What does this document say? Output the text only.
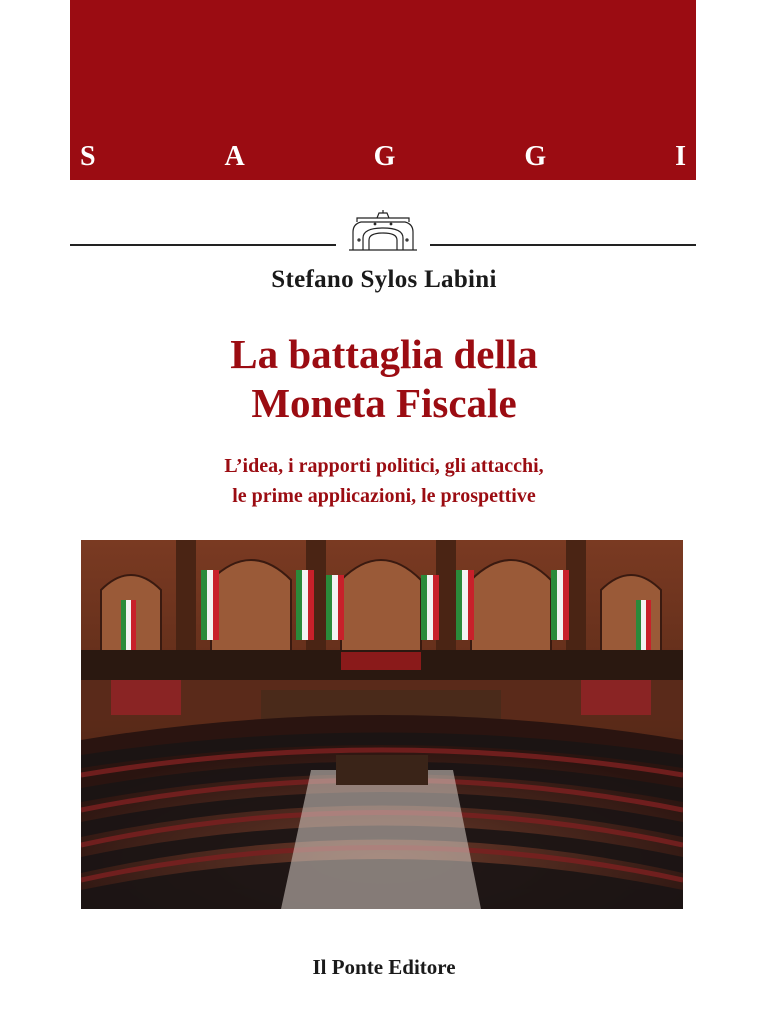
S	A	G	G	I
Stefano Sylos Labini
La battaglia della
Moneta Fiscale
L’idea, i rapporti politici, gli attacchi,
le prime applicazioni, le prospettive
Il Ponte Editore
